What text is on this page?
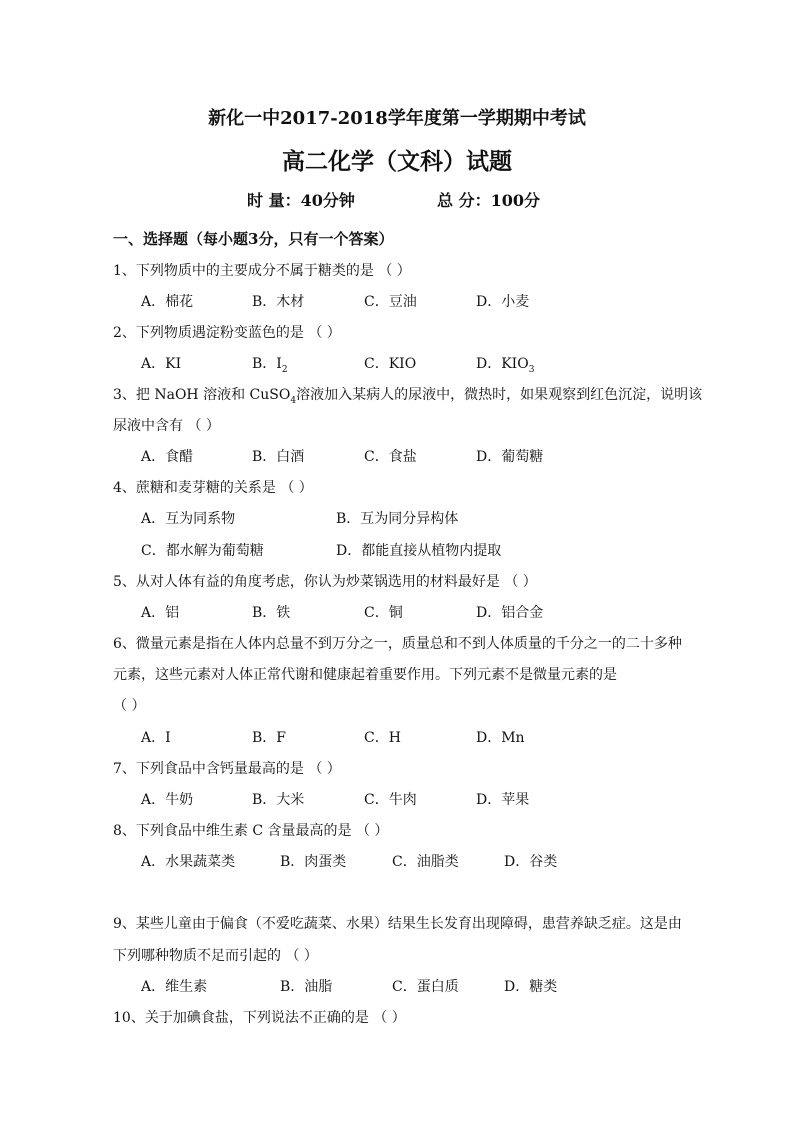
新化一中2017-2018学年度第一学期期中考试
高二化学（文科）试题
时 量：40分钟	总 分：100分
一、选择题（每小题3分，只有一个答案）
1、下列物质中的主要成分不属于糖类的是 （ ）
A．棉花	B．木材	C．豆油	D．小麦
2、下列物质遇淀粉变蓝色的是 （ ）
A．KI	B．$I_2$	C．KIO	D．$KIO_3$
3、把 NaOH 溶液和 CuSO$_4$溶液加入某病人的尿液中，微热时，如果观察到红色沉淀，说明该
尿液中含有 （ ）
A．食醋	B．白酒	C．食盐	D．葡萄糖
4、蔗糖和麦芽糖的关系是 （ ）
A．互为同系物	B．互为同分异构体
C．都水解为葡萄糖	D．都能直接从植物内提取
5、从对人体有益的角度考虑，你认为炒菜锅选用的材料最好是 （ ）
A．铝	B．铁	C．铜	D．铝合金
6、微量元素是指在人体内总量不到万分之一，质量总和不到人体质量的千分之一的二十多种
元素，这些元素对人体正常代谢和健康起着重要作用。下列元素不是微量元素的是
（ ）
A．I	B．F	C．H	D．Mn
7、下列食品中含钙量最高的是 （ ）
A．牛奶	B．大米	C．牛肉	D．苹果
8、下列食品中维生素 C 含量最高的是 （ ）
A．水果蔬菜类	B．肉蛋类	C．油脂类	D．谷类
9、某些儿童由于偏食（不爱吃蔬菜、水果）结果生长发育出现障碍，患营养缺乏症。这是由
下列哪种物质不足而引起的 （ ）
A．维生素	B．油脂	C．蛋白质	D．糖类
10、关于加碘食盐，下列说法不正确的是 （ ）
